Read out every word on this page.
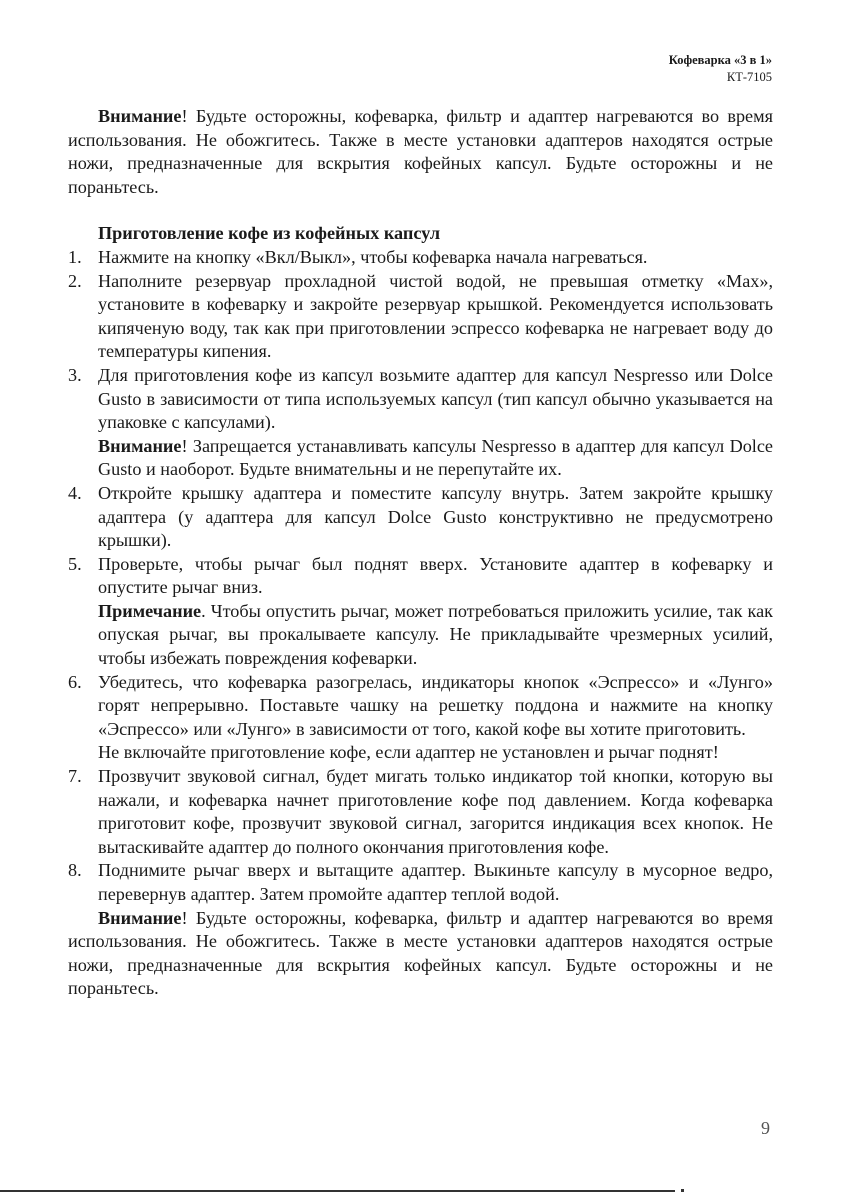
Кофеварка «3 в 1»
КТ-7105

Внимание! Будьте осторожны, кофеварка, фильтр и адаптер нагреваются во время использования. Не обожгитесь. Также в месте установки адаптеров находятся острые ножи, предназначенные для вскрытия кофейных капсул. Будьте осторожны и не пораньтесь.

Приготовление кофе из кофейных капсул
1. Нажмите на кнопку «Вкл/Выкл», чтобы кофеварка начала нагреваться.

2. Наполните резервуар прохладной чистой водой, не превышая отметку «Max», установите в кофеварку и закройте резервуар крышкой. Рекомендуется использовать кипяченую воду, так как при приготовлении эспрессо кофеварка не нагревает воду до температуры кипения.

3. Для приготовления кофе из капсул возьмите адаптер для капсул Nespresso или Dolce Gusto в зависимости от типа используемых капсул (тип капсул обычно указывается на упаковке с капсулами).

Внимание! Запрещается устанавливать капсулы Nespresso в адаптер для капсул Dolce Gusto и наоборот. Будьте внимательны и не перепутайте их.

4. Откройте крышку адаптера и поместите капсулу внутрь. Затем закройте крышку адаптера (у адаптера для капсул Dolce Gusto конструктивно не предусмотрено крышки).

5. Проверьте, чтобы рычаг был поднят вверх. Установите адаптер в кофеварку и опустите рычаг вниз.

Примечание. Чтобы опустить рычаг, может потребоваться приложить усилие, так как опуская рычаг, вы прокалываете капсулу. Не прикладывайте чрезмерных усилий, чтобы избежать повреждения кофеварки.

6. Убедитесь, что кофеварка разогрелась, индикаторы кнопок «Эспрессо» и «Лунго» горят непрерывно. Поставьте чашку на решетку поддона и нажмите на кнопку «Эспрессо» или «Лунго» в зависимости от того, какой кофе вы хотите приготовить.

Не включайте приготовление кофе, если адаптер не установлен и рычаг поднят!

7. Прозвучит звуковой сигнал, будет мигать только индикатор той кнопки, которую вы нажали, и кофеварка начнет приготовление кофе под давлением. Когда кофеварка приготовит кофе, прозвучит звуковой сигнал, загорится индикация всех кнопок. Не вытаскивайте адаптер до полного окончания приготовления кофе.

8. Поднимите рычаг вверх и вытащите адаптер. Выкиньте капсулу в мусорное ведро, перевернув адаптер. Затем промойте адаптер теплой водой.

Внимание! Будьте осторожны, кофеварка, фильтр и адаптер нагреваются во время использования. Не обожгитесь. Также в месте установки адаптеров находятся острые ножи, предназначенные для вскрытия кофейных капсул. Будьте осторожны и не пораньтесь.

9
